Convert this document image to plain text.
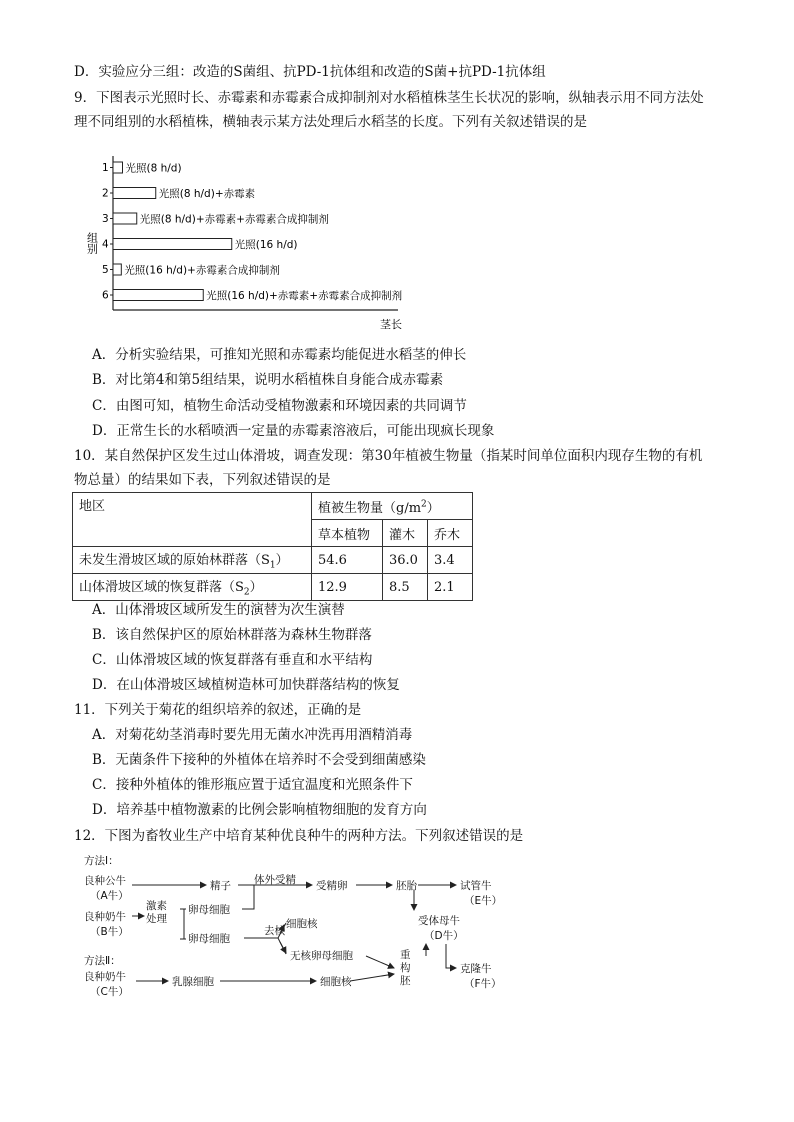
D．实验应分三组：改造的S菌组、抗PD-1抗体组和改造的S菌+抗PD-1抗体组
9．下图表示光照时长、赤霉素和赤霉素合成抑制剂对水稻植株茎生长状况的影响，纵轴表示用不同方法处
理不同组别的水稻植株，横轴表示某方法处理后水稻茎的长度。下列有关叙述错误的是
组别
茎长
1 光照(8 h/d)
2	光照(8 h/d)+赤霉素
3	光照(8 h/d)+赤霉素+赤霉素合成抑制剂
4	光照(16 h/d)
5 光照(16 h/d)+赤霉素合成抑制剂
6	光照(16 h/d)+赤霉素+赤霉素合成抑制剂
A．分析实验结果，可推知光照和赤霉素均能促进水稻茎的伸长
B．对比第4和第5组结果，说明水稻植株自身能合成赤霉素
C．由图可知，植物生命活动受植物激素和环境因素的共同调节
D．正常生长的水稻喷洒一定量的赤霉素溶液后，可能出现疯长现象
10．某自然保护区发生过山体滑坡，调查发现：第30年植被生物量（指某时间单位面积内现存生物的有机
物总量）的结果如下表，下列叙述错误的是
地区	植被生物量$(g/m^2)$		
	草本植物	灌木	乔木
未发生滑坡区域的原始林群落$(S_1)$	54.6	36.0	3.4
山体滑坡区域的恢复群落$(S_2)$	12.9	8.5	2.1
A．山体滑坡区域所发生的演替为次生演替
B．该自然保护区的原始林群落为森林生物群落
C．山体滑坡区域的恢复群落有垂直和水平结构
D．在山体滑坡区域植树造林可加快群落结构的恢复
11．下列关于菊花的组织培养的叙述，正确的是
A．对菊花幼茎消毒时要先用无菌水冲洗再用酒精消毒
B．无菌条件下接种的外植体在培养时不会受到细菌感染
C．接种外植体的锥形瓶应置于适宜温度和光照条件下
D．培养基中植物激素的比例会影响植物细胞的发育方向
12．下图为畜牧业生产中培育某种优良种牛的两种方法。下列叙述错误的是
方法Ⅰ：
良种公牛
（A牛）
良种奶牛
（B牛）
激素
处理
精子
卵母细胞
卵母细胞
体外受精 受精卵	胚胎	试管牛
（E牛）
受体母牛
（D牛）
去核
细胞核
无核卵母细胞
方法Ⅱ：
良种奶牛
（C牛）
乳腺细胞	细胞核
重
构
胚
克隆牛
（F牛）
